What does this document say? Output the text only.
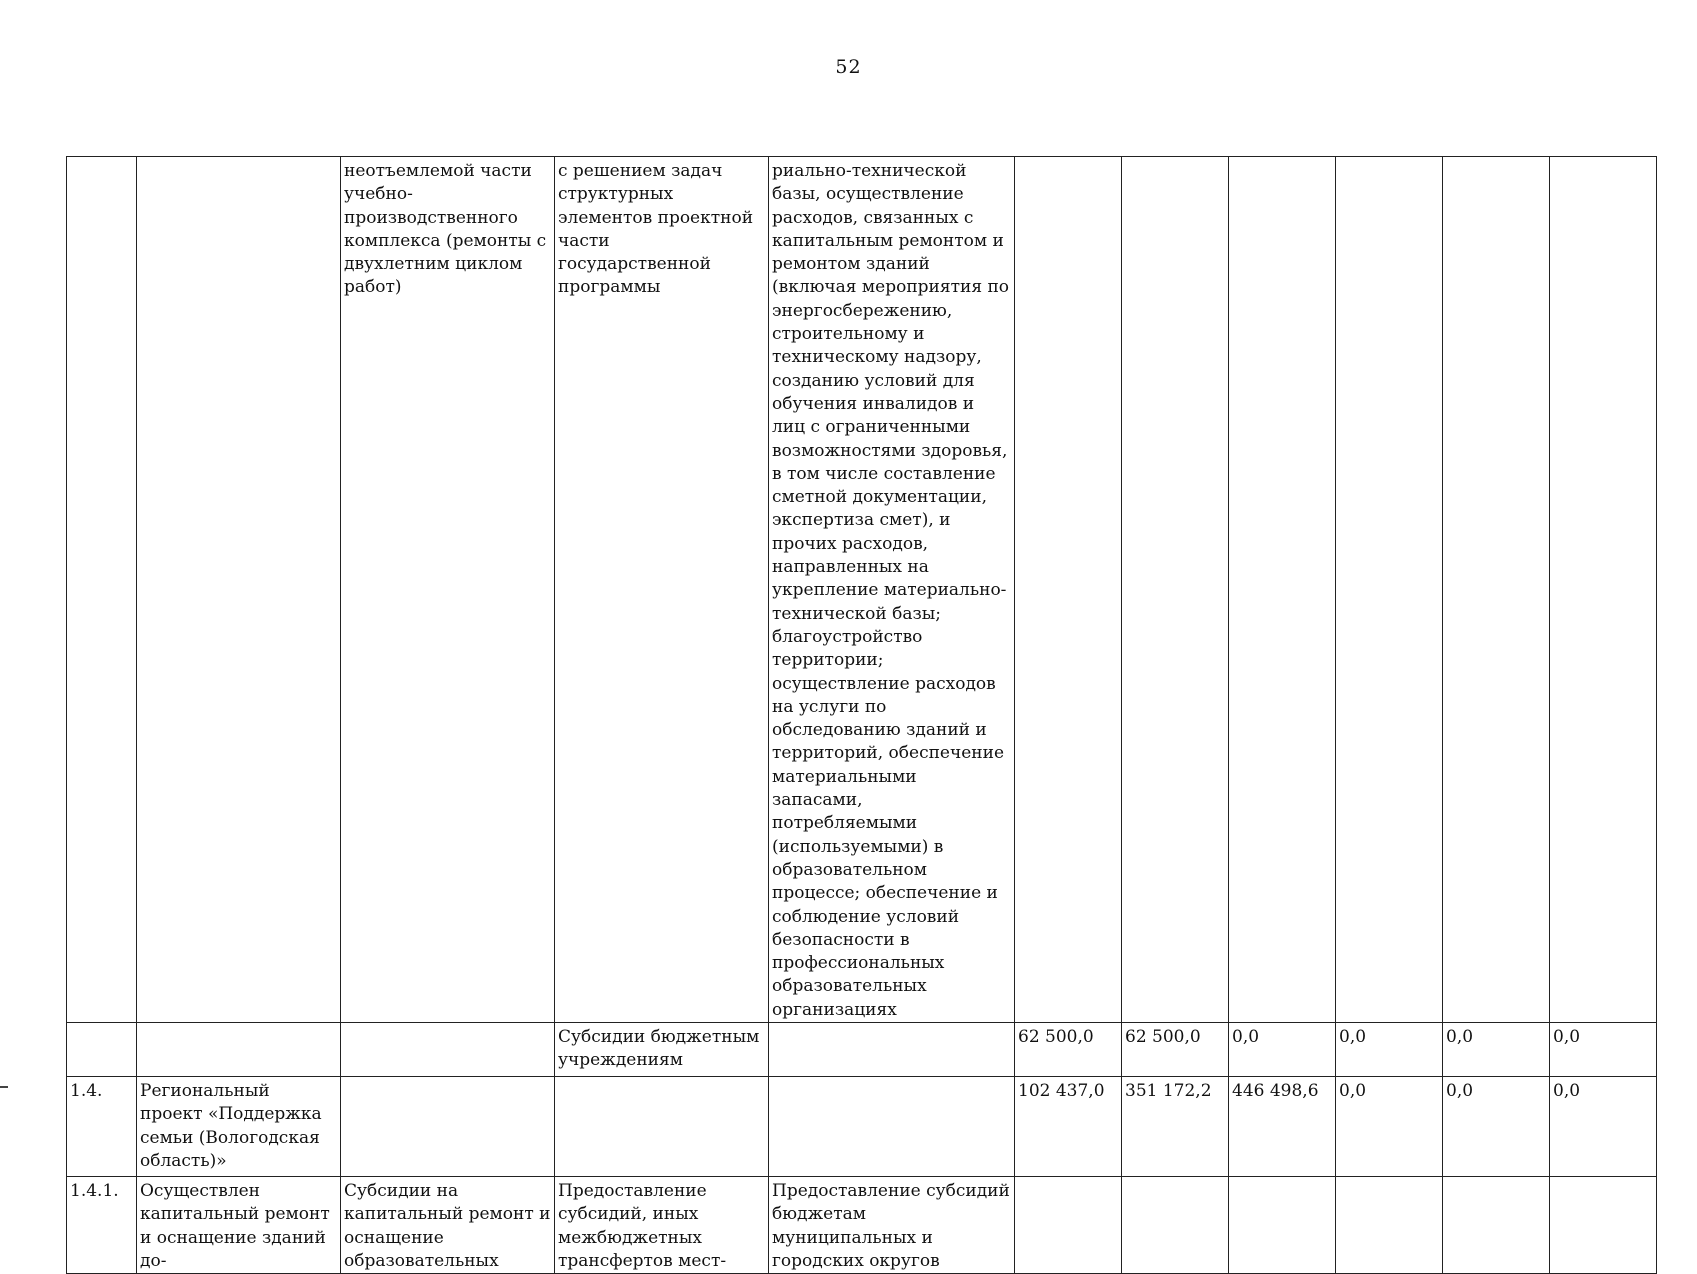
52
		неотъемлемой части учебно-производственного комплекса (ремонты с двухлетним циклом работ)	с решением задач структурных элементов проектной части государственной программы	риально-технической базы, осуществление расходов, связанных с капитальным ремонтом и ремонтом зданий (включая мероприятия по энергосбережению, строительному и техническому надзору, созданию условий для обучения инвалидов и лиц с ограниченными возможностями здоровья, в том числе составление сметной документации, экспертиза смет), и прочих расходов, направленных на укрепление материально-технической базы; благоустройство территории; осуществление расходов на услуги по обследованию зданий и территорий, обеспечение материальными запасами, потребляемыми (используемыми) в образовательном процессе; обеспечение и соблюдение условий безопасности в профессиональных образовательных организациях						
			Субсидии бюджетным учреждениям		62 500,0	62 500,0	0,0	0,0	0,0	0,0
1.4.	Региональный проект «Поддержка семьи (Вологодская область)»				102 437,0	351 172,2	446 498,6	0,0	0,0	0,0
1.4.1.	Осуществлен капитальный ремонт и оснащение зданий до-	Субсидии на капитальный ремонт и оснащение образовательных	Предоставление субсидий, иных межбюджетных трансфертов мест-	Предоставление субсидий бюджетам муниципальных и городских округов						
